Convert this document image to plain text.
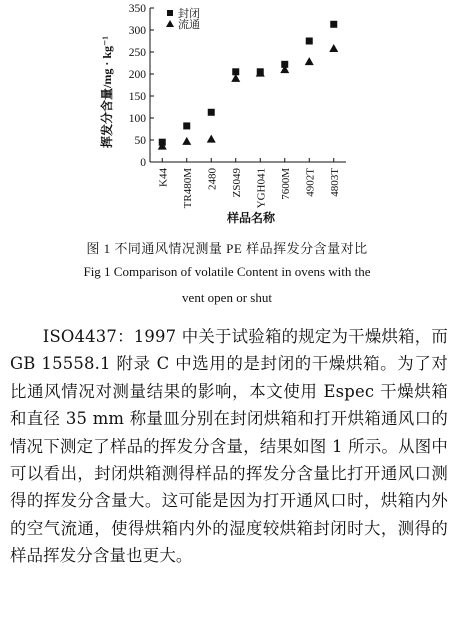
0
50
100
150
200
250
300
350
K44 TR480M 2480 ZS049 YGH041 7600M 4902T 4803T
封闭
流通
挥发分含量/mg · kg⁻¹
样品名称
图 1 不同通风情况测量 PE 样品挥发分含量对比
Fig 1 Comparison of volatile Content in ovens with the
vent open or shut

ISO4437：1997 中关于试验箱的规定为干燥烘箱，而 GB 15558.1 附录 C 中选用的是封闭的干燥烘箱。为了对比通风情况对测量结果的影响，本文使用 Espec 干燥烘箱和直径 35 mm 称量皿分别在封闭烘箱和打开烘箱通风口的情况下测定了样品的挥发分含量，结果如图 1 所示。从图中可以看出，封闭烘箱测得样品的挥发分含量比打开通风口测得的挥发分含量大。这可能是因为打开通风口时，烘箱内外的空气流通，使得烘箱内外的湿度较烘箱封闭时大，测得的样品挥发分含量也更大。
